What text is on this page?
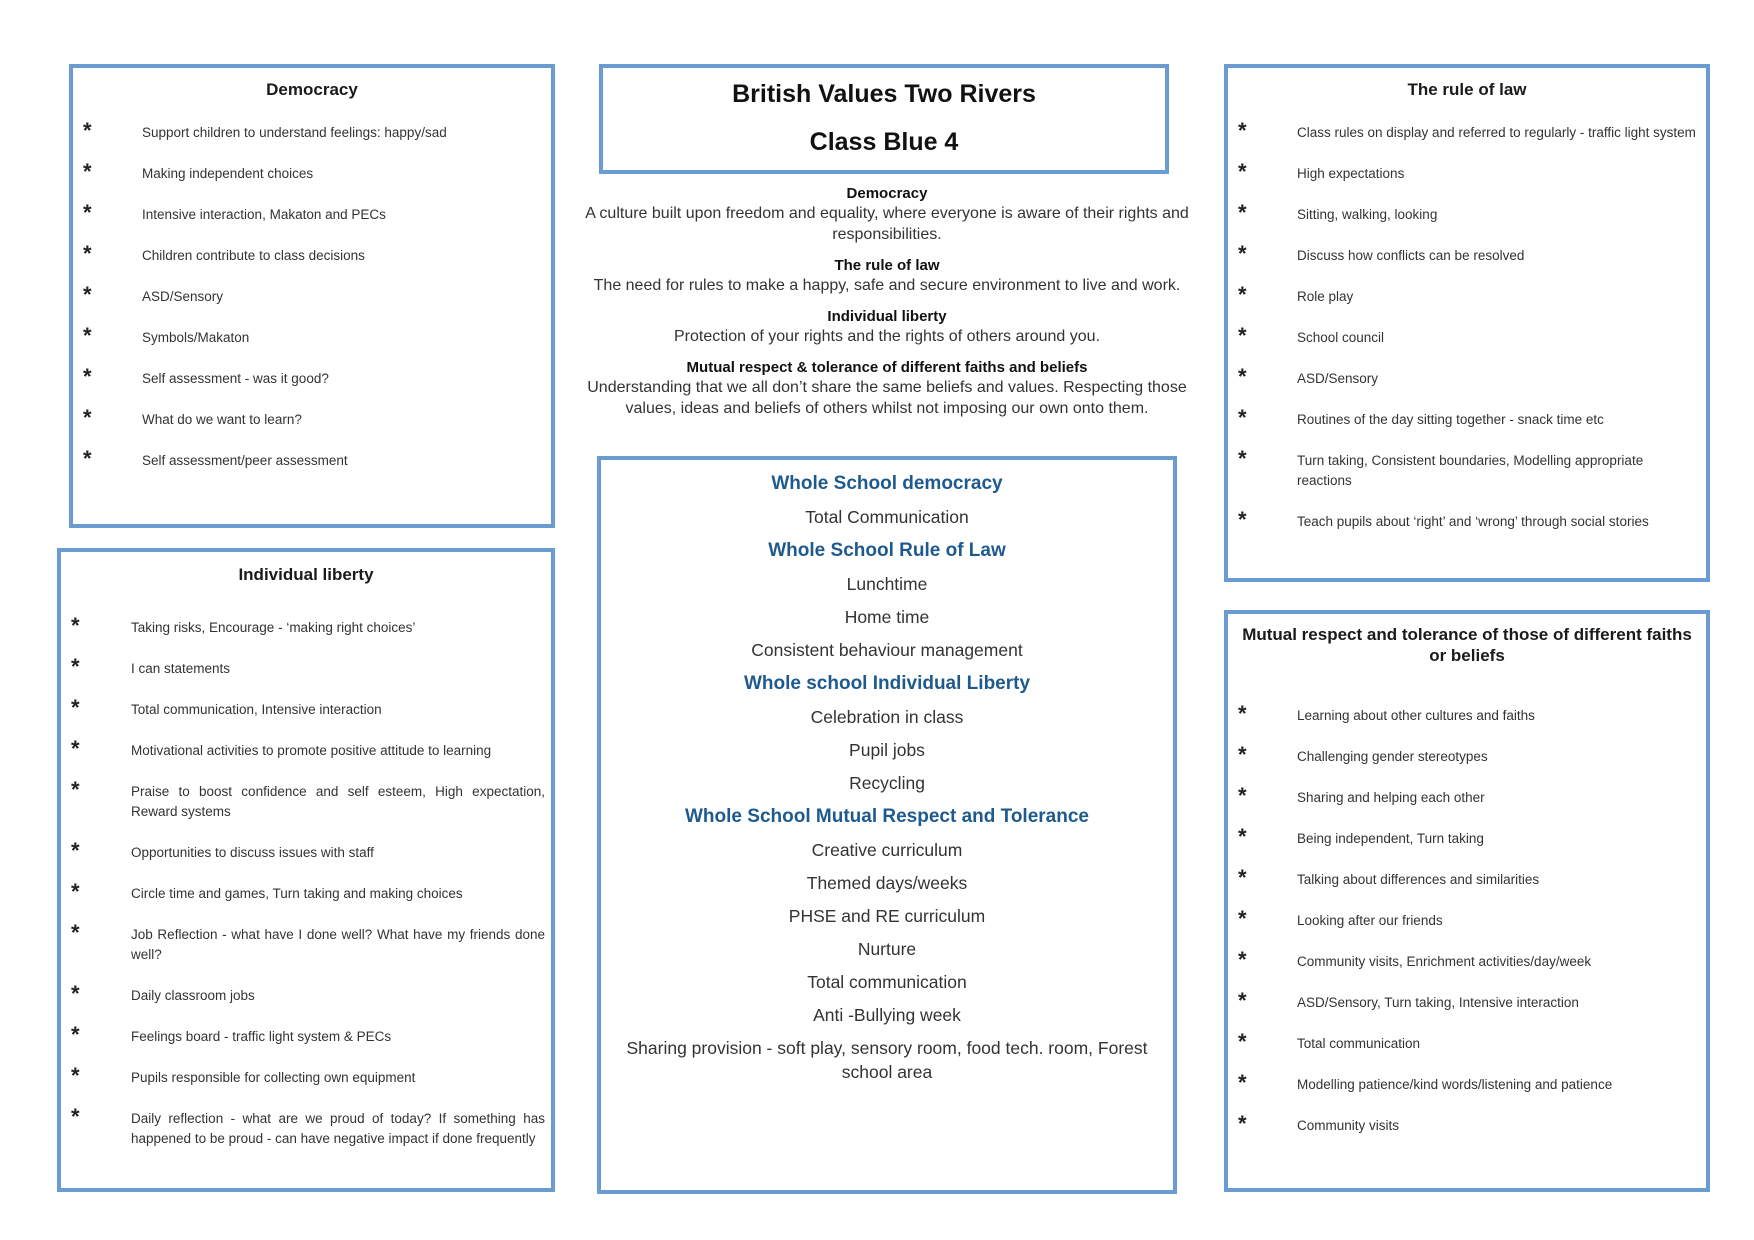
Democracy
*	Support children to understand feelings: happy/sad
*	Making independent choices
*	Intensive interaction, Makaton and PECs
*	Children contribute to class decisions
*	ASD/Sensory
*	Symbols/Makaton
*	Self assessment - was it good?
*	What do we want to learn?
*	Self assessment/peer assessment
Individual liberty
*	Taking risks, Encourage - ‘making right choices’
*	I can statements
*	Total communication, Intensive interaction
*	Motivational activities to promote positive attitude to learning
*	Praise to boost confidence and self esteem, High expectation, Reward systems
*	Opportunities to discuss issues with staff
*	Circle time and games, Turn taking and making choices
*	Job Reflection - what have I done well? What have my friends done well?
*	Daily classroom jobs
*	Feelings board - traffic light system & PECs
*	Pupils responsible for collecting own equipment
*	Daily reflection - what are we proud of today? If something has happened to be proud - can have negative impact if done frequently
British Values Two Rivers
Class Blue 4
Democracy
A culture built upon freedom and equality, where everyone is aware of their rights and responsibilities.
The rule of law
The need for rules to make a happy, safe and secure environment to live and work.
Individual liberty
Protection of your rights and the rights of others around you.
Mutual respect & tolerance of different faiths and beliefs
Understanding that we all don’t share the same beliefs and values. Respecting those values, ideas and beliefs of others whilst not imposing our own onto them.
Whole School democracy
Total Communication
Whole School Rule of Law
Lunchtime
Home time
Consistent behaviour management
Whole school Individual Liberty
Celebration in class
Pupil jobs
Recycling
Whole School Mutual Respect and Tolerance
Creative curriculum
Themed days/weeks
PHSE and RE curriculum
Nurture
Total communication
Anti -Bullying week
Sharing provision - soft play, sensory room, food tech. room, Forest school area
The rule of law
*	Class rules on display and referred to regularly - traffic light system
*	High expectations
*	Sitting, walking, looking
*	Discuss how conflicts can be resolved
*	Role play
*	School council
*	ASD/Sensory
*	Routines of the day sitting together - snack time etc
*	Turn taking, Consistent boundaries, Modelling appropriate reactions
*	Teach pupils about ‘right’ and ‘wrong’ through social stories
Mutual respect and tolerance of those of different faiths or beliefs
*	Learning about other cultures and faiths
*	Challenging gender stereotypes
*	Sharing and helping each other
*	Being independent, Turn taking
*	Talking about differences and similarities
*	Looking after our friends
*	Community visits, Enrichment activities/day/week
*	ASD/Sensory, Turn taking, Intensive interaction
*	Total communication
*	Modelling patience/kind words/listening and patience
*	Community visits
